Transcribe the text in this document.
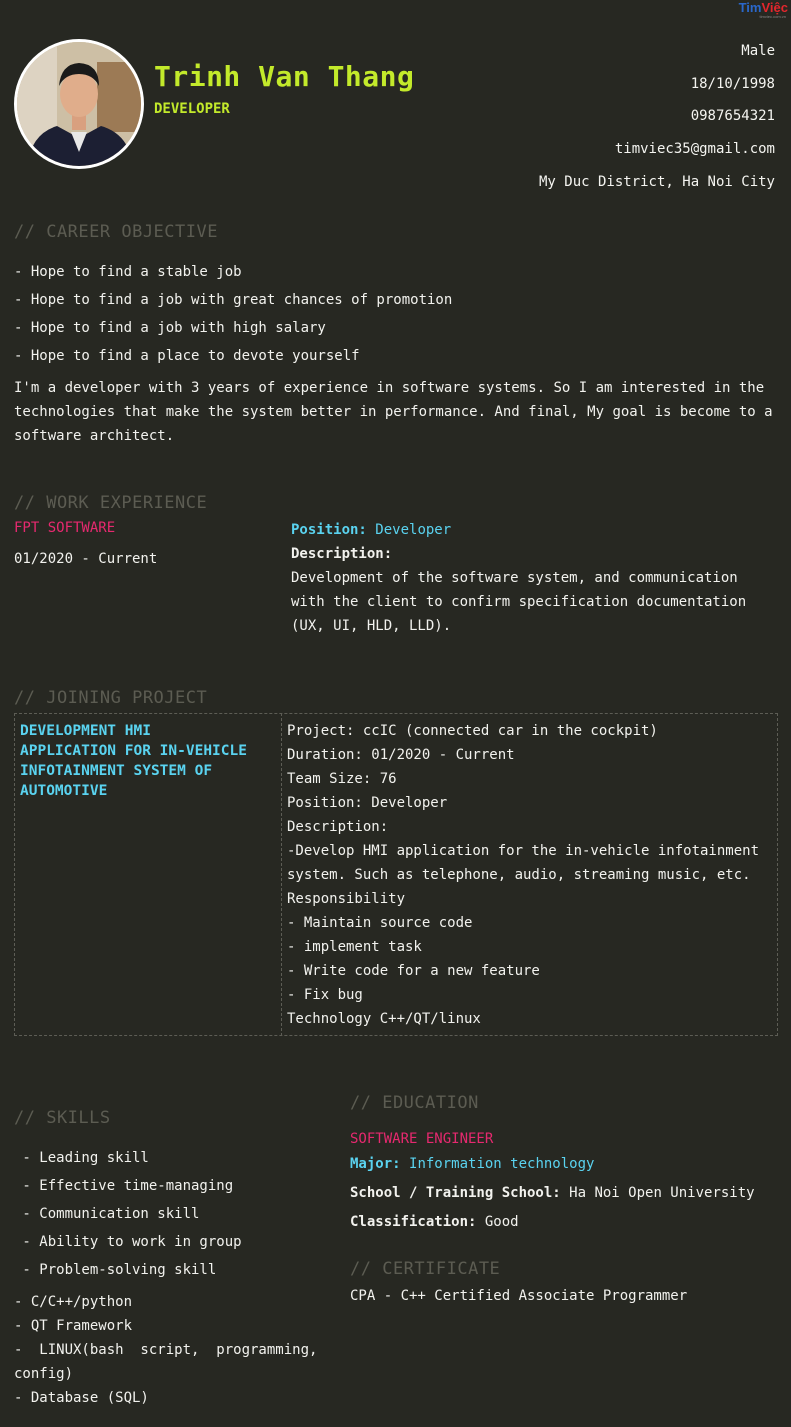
TimViệc
timviec.com.vn
Trinh Van Thang
DEVELOPER
Male
18/10/1998
0987654321
timviec35@gmail.com
My Duc District, Ha Noi City
// CAREER OBJECTIVE
- Hope to find a stable job
- Hope to find a job with great chances of promotion
- Hope to find a job with high salary
- Hope to find a place to devote yourself
I'm a developer with 3 years of experience in software systems. So I am interested in the
technologies that make the system better in performance. And final, My goal is become to a
software architect.
// WORK EXPERIENCE
FPT SOFTWARE
01/2020 - Current
Position: Developer
Description:
Development of the software system, and communication
with the client to confirm specification documentation
(UX, UI, HLD, LLD).
// JOINING PROJECT
DEVELOPMENT HMI
APPLICATION FOR IN-VEHICLE
INFOTAINMENT SYSTEM OF
AUTOMOTIVE
Project: ccIC (connected car in the cockpit)
Duration: 01/2020 - Current
Team Size: 76
Position: Developer
Description:
-Develop HMI application for the in-vehicle infotainment
system. Such as telephone, audio, streaming music, etc.
Responsibility
- Maintain source code
- implement task
- Write code for a new feature
- Fix bug
Technology C++/QT/linux
// SKILLS
- Leading skill
- Effective time-managing
- Communication skill
- Ability to work in group
- Problem-solving skill
- C/C++/python
- QT Framework
-  LINUX(bash  script,  programming,
config)
- Database (SQL)
// EDUCATION
SOFTWARE ENGINEER
Major: Information technology
School / Training School: Ha Noi Open University
Classification: Good
// CERTIFICATE
CPA - C++ Certified Associate Programmer
